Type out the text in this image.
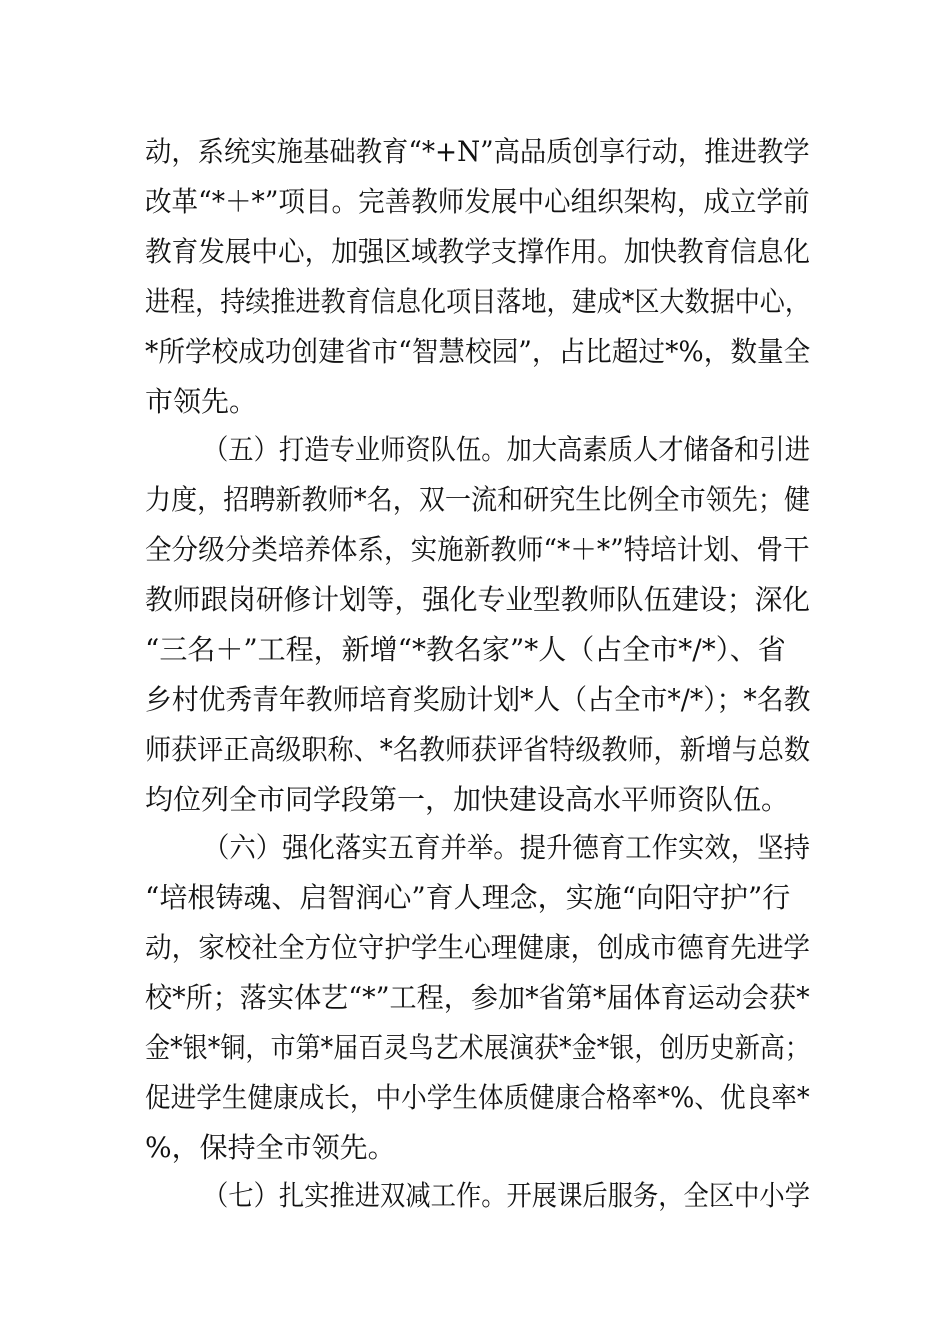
动，系统实施基础教育“*+N”高品质创享行动，推进教学
改革“*＋*”项目。完善教师发展中心组织架构，成立学前
教育发展中心，加强区域教学支撑作用。加快教育信息化
进程，持续推进教育信息化项目落地，建成*区大数据中心，
*所学校成功创建省市“智慧校园”，占比超过*%，数量全
市领先。
（五）打造专业师资队伍。加大高素质人才储备和引进
力度，招聘新教师*名，双一流和研究生比例全市领先；健
全分级分类培养体系，实施新教师“*＋*”特培计划、骨干
教师跟岗研修计划等，强化专业型教师队伍建设；深化
“三名＋”工程，新增“*教名家”*人（占全市*/*）、省
乡村优秀青年教师培育奖励计划*人（占全市*/*）；*名教
师获评正高级职称、*名教师获评省特级教师，新增与总数
均位列全市同学段第一，加快建设高水平师资队伍。
（六）强化落实五育并举。提升德育工作实效，坚持
“培根铸魂、启智润心”育人理念，实施“向阳守护”行
动，家校社全方位守护学生心理健康，创成市德育先进学
校*所；落实体艺“*”工程，参加*省第*届体育运动会获*
金*银*铜，市第*届百灵鸟艺术展演获*金*银，创历史新高；
促进学生健康成长，中小学生体质健康合格率*%、优良率*
%，保持全市领先。
（七）扎实推进双减工作。开展课后服务，全区中小学
